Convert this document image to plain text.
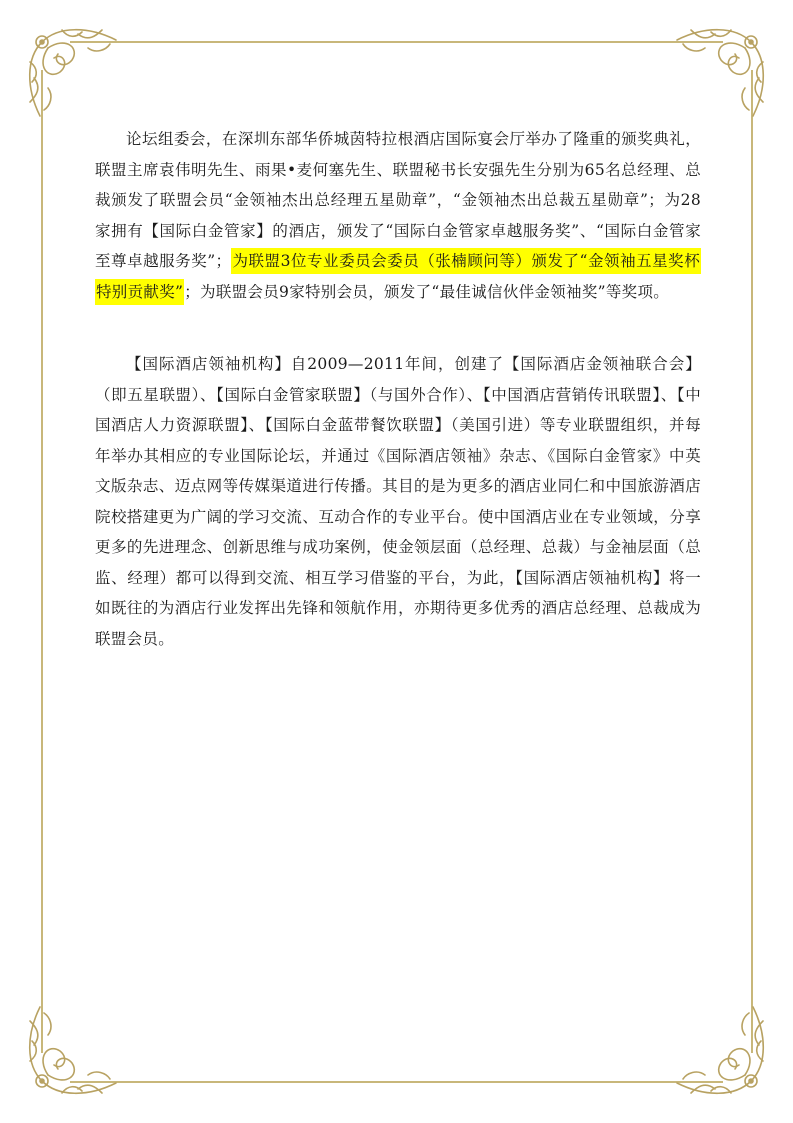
论坛组委会，在深圳东部华侨城茵特拉根酒店国际宴会厅举办了隆重的颁奖典礼，联盟主席袁伟明先生、雨果•麦何塞先生、联盟秘书长安强先生分别为65名总经理、总裁颁发了联盟会员“金领袖杰出总经理五星勋章”，“金领袖杰出总裁五星勋章”；为28家拥有【国际白金管家】的酒店，颁发了“国际白金管家卓越服务奖”、“国际白金管家至尊卓越服务奖”；为联盟3位专业委员会委员（张楠顾问等）颁发了“金领袖五星奖杯特别贡献奖”；为联盟会员9家特别会员，颁发了“最佳诚信伙伴金领袖奖”等奖项。

【国际酒店领袖机构】自2009—2011年间，创建了【国际酒店金领袖联合会】（即五星联盟）、【国际白金管家联盟】（与国外合作）、【中国酒店营销传讯联盟】、【中国酒店人力资源联盟】、【国际白金蓝带餐饮联盟】（美国引进）等专业联盟组织，并每年举办其相应的专业国际论坛，并通过《国际酒店领袖》杂志、《国际白金管家》中英文版杂志、迈点网等传媒渠道进行传播。其目的是为更多的酒店业同仁和中国旅游酒店院校搭建更为广阔的学习交流、互动合作的专业平台。使中国酒店业在专业领域，分享更多的先进理念、创新思维与成功案例，使金领层面（总经理、总裁）与金袖层面（总监、经理）都可以得到交流、相互学习借鉴的平台，为此，【国际酒店领袖机构】将一如既往的为酒店行业发挥出先锋和领航作用，亦期待更多优秀的酒店总经理、总裁成为联盟会员。
